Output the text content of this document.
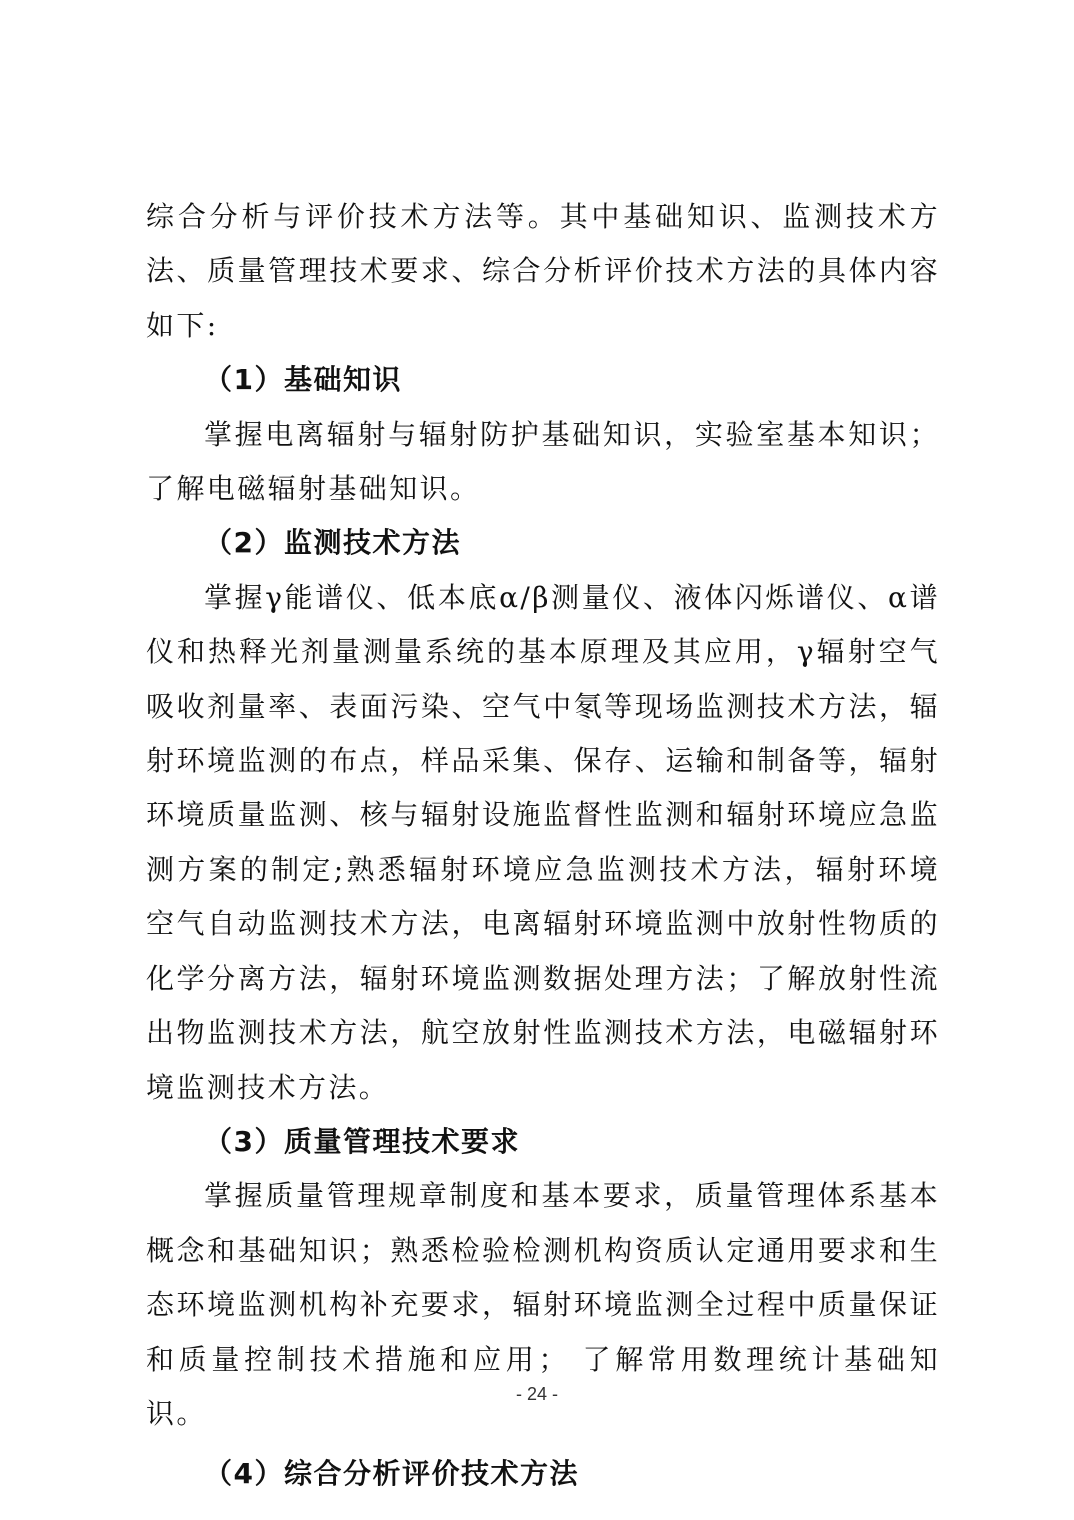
综合分析与评价技术方法等。其中基础知识、监测技术方法、质量管理技术要求、综合分析评价技术方法的具体内容如下:

（1）基础知识

掌握电离辐射与辐射防护基础知识，实验室基本知识；了解电磁辐射基础知识。

（2）监测技术方法

掌握γ能谱仪、低本底α/β测量仪、液体闪烁谱仪、α谱仪和热释光剂量测量系统的基本原理及其应用，γ辐射空气吸收剂量率、表面污染、空气中氡等现场监测技术方法，辐射环境监测的布点，样品采集、保存、运输和制备等，辐射环境质量监测、核与辐射设施监督性监测和辐射环境应急监测方案的制定;熟悉辐射环境应急监测技术方法，辐射环境空气自动监测技术方法，电离辐射环境监测中放射性物质的化学分离方法，辐射环境监测数据处理方法；了解放射性流出物监测技术方法，航空放射性监测技术方法，电磁辐射环境监测技术方法。

（3）质量管理技术要求

掌握质量管理规章制度和基本要求，质量管理体系基本概念和基础知识；熟悉检验检测机构资质认定通用要求和生态环境监测机构补充要求，辐射环境监测全过程中质量保证和质量控制技术措施和应用； 了解常用数理统计基础知识。

（4）综合分析评价技术方法

- 24 -
